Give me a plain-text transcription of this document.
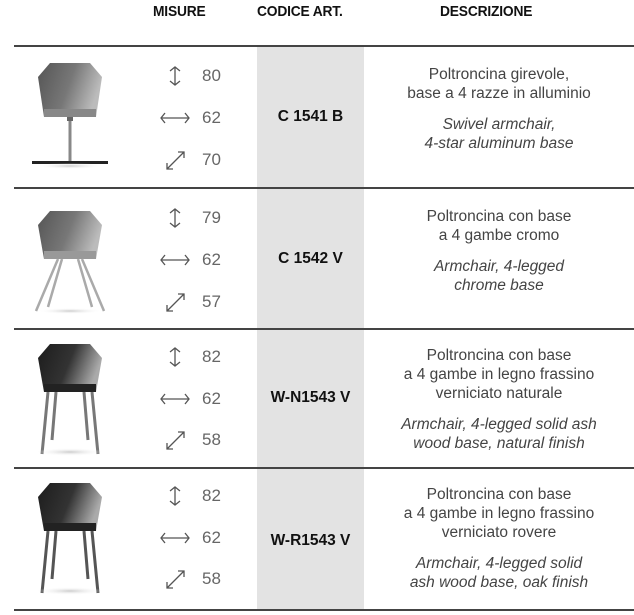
MISURE	CODICE ART.	DESCRIZIONE
80
62
70
C 1541 B
Poltroncina girevole,
base a 4 razze in alluminio
Swivel armchair,
4-star aluminum base
79
62
57
C 1542 V
Poltroncina con base
a 4 gambe cromo
Armchair, 4-legged
chrome base
82
62
58
W-N1543 V
Poltroncina con base
a 4 gambe in legno frassino
verniciato naturale
Armchair, 4-legged solid ash
wood base, natural finish
82
62
58
W-R1543 V
Poltroncina con base
a 4 gambe in legno frassino
verniciato rovere
Armchair, 4-legged solid
ash wood base, oak finish
